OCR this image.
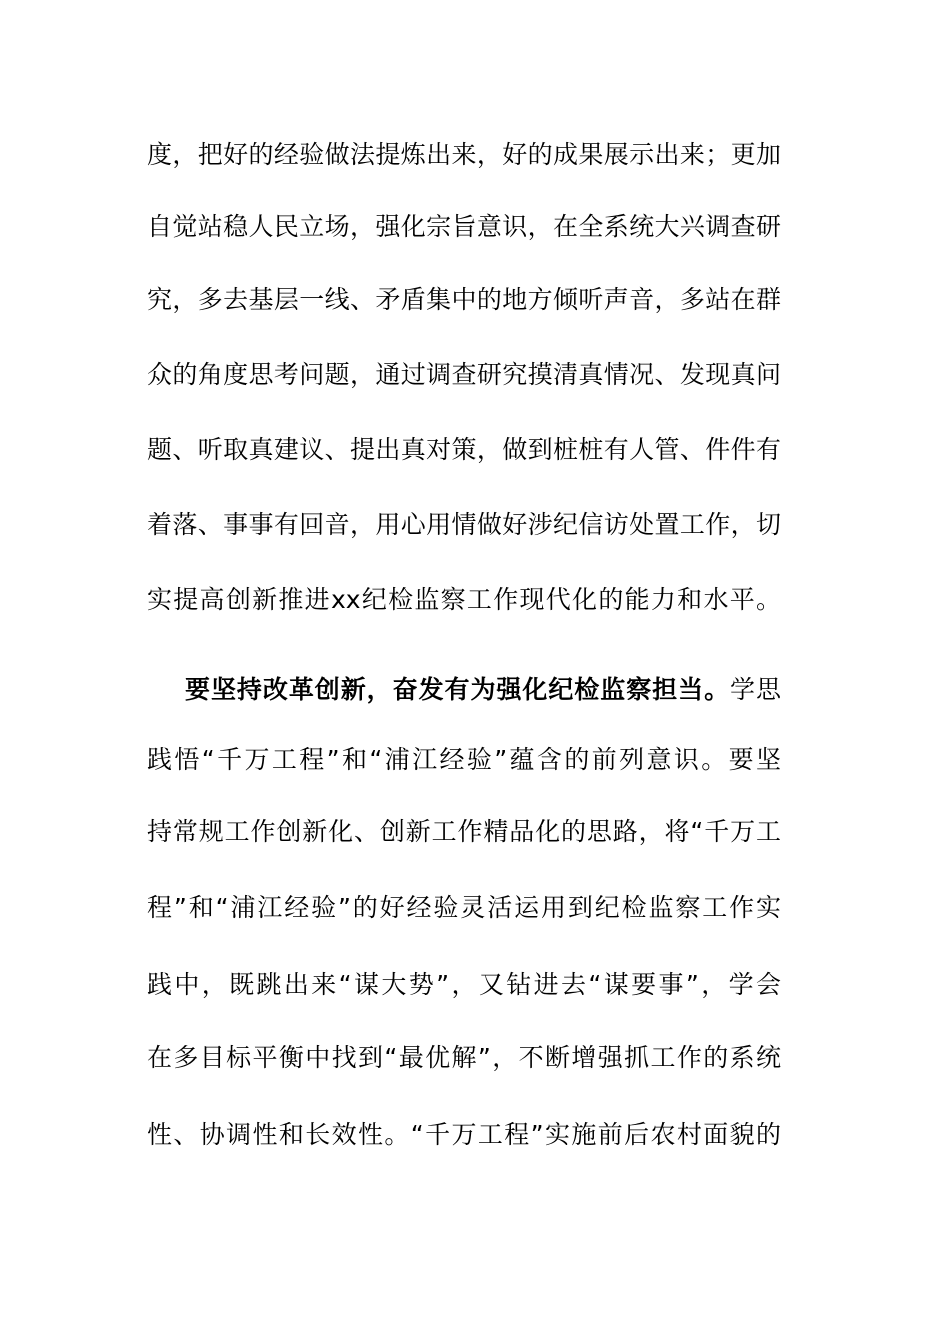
度，把好的经验做法提炼出来，好的成果展示出来；更加
自觉站稳人民立场，强化宗旨意识，在全系统大兴调查研
究，多去基层一线、矛盾集中的地方倾听声音，多站在群
众的角度思考问题，通过调查研究摸清真情况、发现真问
题、听取真建议、提出真对策，做到桩桩有人管、件件有
着落、事事有回音，用心用情做好涉纪信访处置工作，切
实提高创新推进xx纪检监察工作现代化的能力和水平。
要坚持改革创新，奋发有为强化纪检监察担当。学思
践悟“千万工程”和“浦江经验”蕴含的前列意识。要坚
持常规工作创新化、创新工作精品化的思路，将“千万工
程”和“浦江经验”的好经验灵活运用到纪检监察工作实
践中，既跳出来“谋大势”，又钻进去“谋要事”，学会
在多目标平衡中找到“最优解”，不断增强抓工作的系统
性、协调性和长效性。“千万工程”实施前后农村面貌的
